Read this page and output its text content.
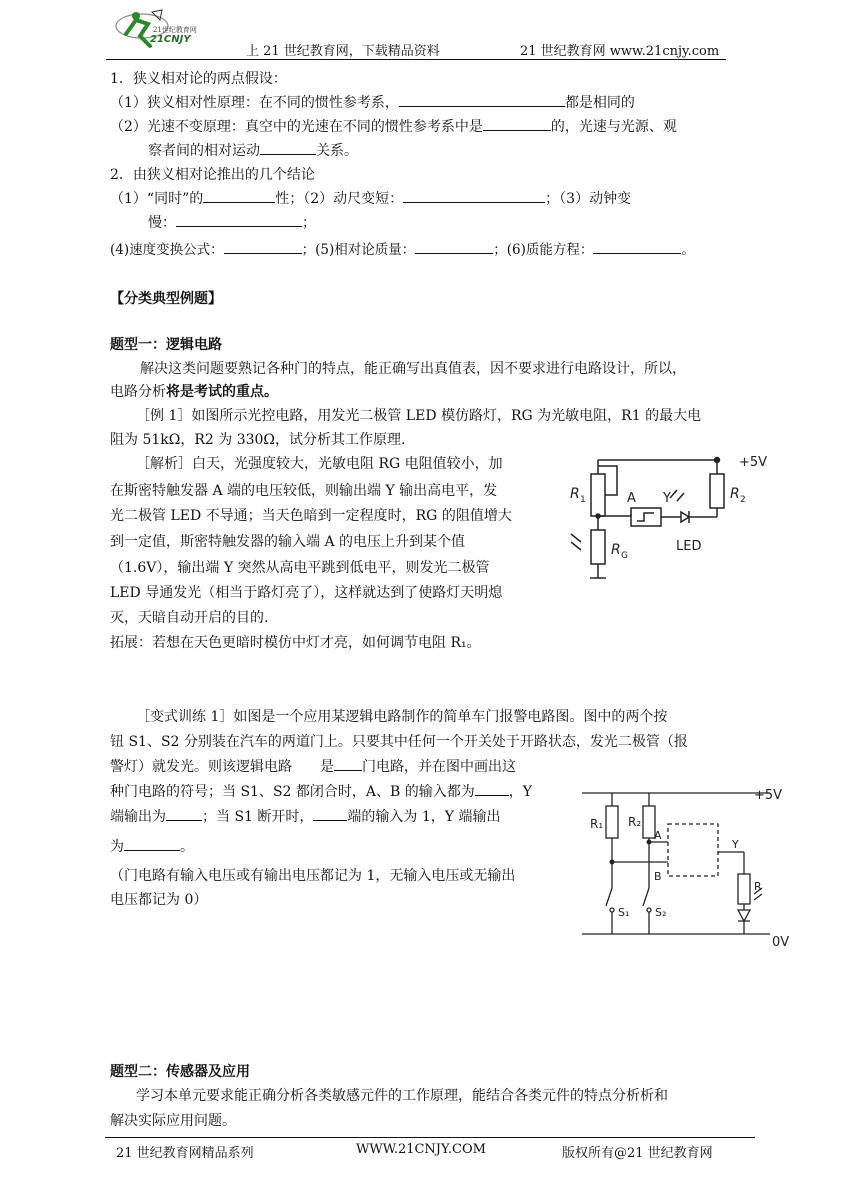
21世纪教育网
21CNJY
上 21 世纪教育网，下载精品资料	21 世纪教育网 www.21cnjy.com
1．狭义相对论的两点假设：
（1）狭义相对性原理：在不同的惯性参考系，	都是相同的
（2）光速不变原理：真空中的光速在不同的惯性参考系中是	的，光速与光源、观
察者间的相对运动	关系。
2．由狭义相对论推出的几个结论
（1）“同时”的	性；（2）动尺变短：	；（3）动钟变
慢：	；
(4)速度变换公式：	；(5)相对论质量：	；(6)质能方程：	。
【分类典型例题】
题型一：逻辑电路
解决这类问题要熟记各种门的特点，能正确写出真值表，因不要求进行电路设计，所以，
电路分析将是考试的重点。
［例 1］如图所示光控电路，用发光二极管 LED 模仿路灯，RG 为光敏电阻，R1 的最大电
阻为 51kΩ，R2 为 330Ω，试分析其工作原理.
［解析］白天，光强度较大，光敏电阻 RG 电阻值较小，加
在斯密特触发器 A 端的电压较低，则输出端 Y 输出高电平，发
光二极管 LED 不导通；当天色暗到一定程度时，RG 的阻值增大
到一定值，斯密特触发器的输入端 A 的电压上升到某个值
（1.6V），输出端 Y 突然从高电平跳到低电平，则发光二极管
LED 导通发光（相当于路灯亮了），这样就达到了使路灯天明熄
灭，天暗自动开启的目的.
拓展：若想在天色更暗时模仿中灯才亮，如何调节电阻 R₁。
+5V
R 1	R 2
A Y
LED
R G
［变式训练 1］如图是一个应用某逻辑电路制作的简单车门报警电路图。图中的两个按
钮 S1、S2 分别装在汽车的两道门上。只要其中任何一个开关处于开路状态，发光二极管（报
警灯）就发光。则该逻辑电路　　是 门电路，并在图中画出这
种门电路的符号；当 S1、S2 都闭合时，A、B 的输入都为 ，Y
端输出为	；当 S1 断开时， 端的输入为 1，Y 端输出
为	。
（门电路有输入电压或有输出电压都记为 1，无输入电压或无输出
电压都记为 0）
+5V
R₁ R₂
A
B
Y
R
S₁ S₂
0V
题型二：传感器及应用
学习本单元要求能正确分析各类敏感元件的工作原理，能结合各类元件的特点分析析和
解决实际应用问题。
21 世纪教育网精品系列	WWW.21CNJY.COM	版权所有@21 世纪教育网
